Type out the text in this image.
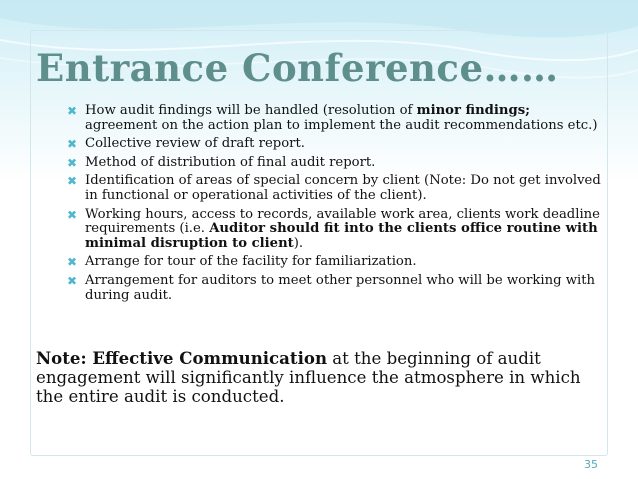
Entrance Conference……
✖ How audit findings will be handled (resolution of minor findings; agreement on the action plan to implement the audit recommendations etc.)
✖ Collective review of draft report.
✖ Method of distribution of final audit report.
✖ Identification of areas of special concern by client (Note: Do not get involved in functional or operational activities of the client).
✖ Working hours, access to records, available work area, clients work deadline requirements (i.e. Auditor should fit into the clients office routine with minimal disruption to client).
✖ Arrange for tour of the facility for familiarization.
✖ Arrangement for auditors to meet other personnel who will be working with during audit.

Note: Effective Communication at the beginning of audit engagement will significantly influence the atmosphere in which the entire audit is conducted.

35
